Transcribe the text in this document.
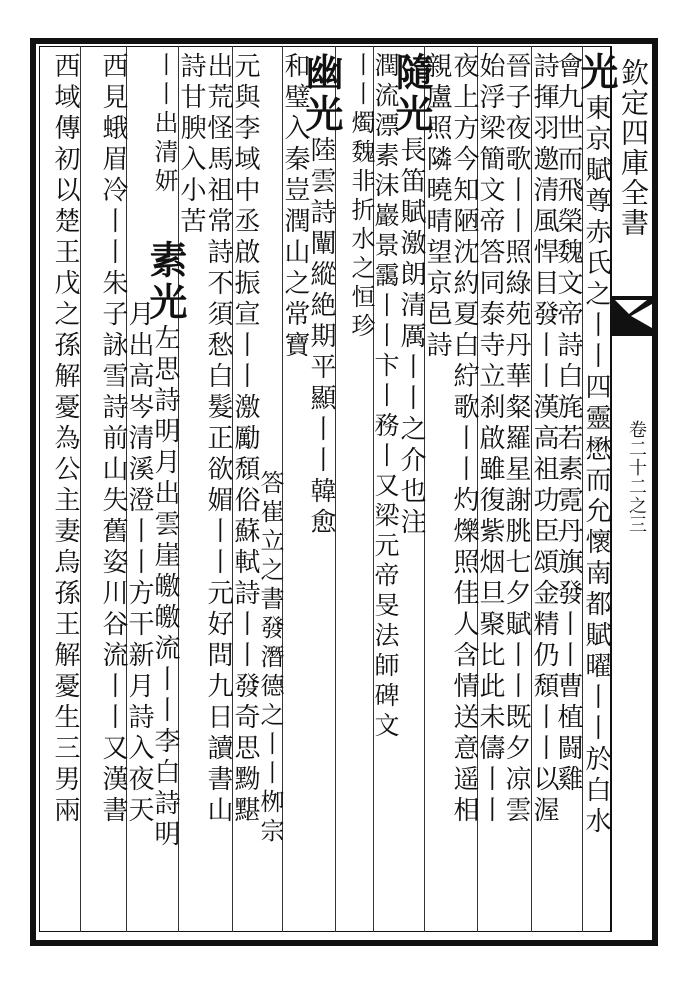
欽定四庫全書
卷二十二之三
光東京賦尊赤氏之丨丨四靈懋而允懷南都賦曜丨丨於白水
會九世而飛榮魏文帝詩白旄若素霓丹旗發丨丨曹植闘雞
詩揮羽邀清風悍目發丨丨漢高祖功臣頌金精仍頹丨丨以渥
晉子夜歌丨丨照綠苑丹華粲羅星謝朓七夕賦丨丨既夕凉雲
始浮梁簡文帝答同泰寺立刹啟雖復紫烟旦聚比此未儔丨丨
夜上方今知陋沈約夏白紵歌丨丨灼爍照佳人含情送意遥相
親盧照隣曉晴望京邑詩
隨光長笛賦激朗清厲丨丨之介也注
潤流漂素沫巖景靄丨丨卞丨務丨又梁元帝旻法師碑文
丨丨燭魏非折水之恒珍
幽光陸雲詩闡縱絶期平顯丨丨韓愈
和璧入秦豈潤山之常寶
答崔立之書發潛德之丨丨栁宗
元與李域中丞啟振宣丨丨激勵頹俗蘇軾詩丨丨發奇思黝黮
出荒怪馬祖常詩不須愁白髮正欲媚丨丨元好問九日讀書山
詩甘腴入小苦
素光左思詩明月出雲崖皦皦流丨丨李白詩明
丨丨出清妍
月出高岑清溪澄丨丨方干新月詩入夜天
西見蛾眉冷丨丨朱子詠雪詩前山失舊姿川谷流丨丨又漢書
西域傳初以楚王戊之孫解憂為公主妻烏孫王解憂生三男兩
